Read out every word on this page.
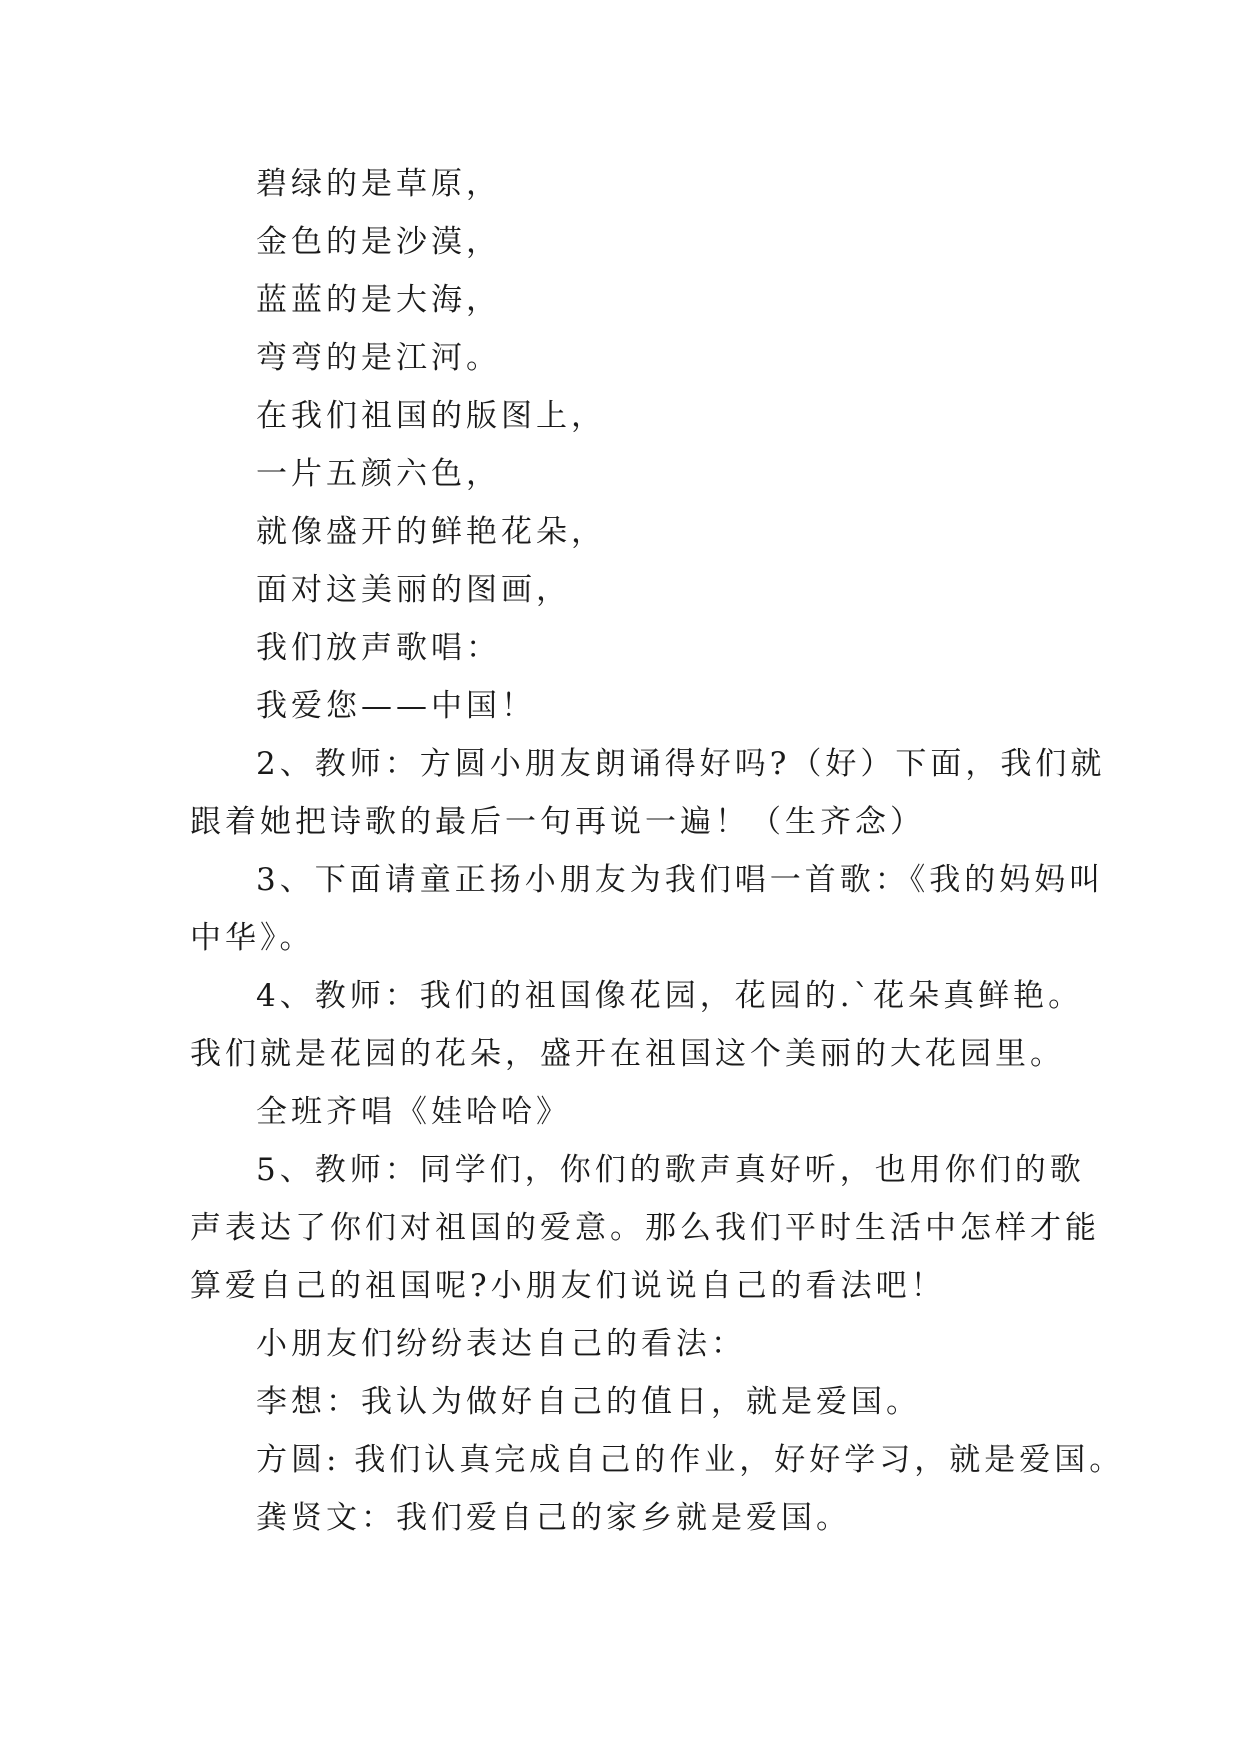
碧绿的是草原，
金色的是沙漠，
蓝蓝的是大海，
弯弯的是江河。
在我们祖国的版图上，
一片五颜六色，
就像盛开的鲜艳花朵，
面对这美丽的图画，
我们放声歌唱：
我爱您——中国！
2、教师：方圆小朋友朗诵得好吗?（好）下面，我们就
跟着她把诗歌的最后一句再说一遍！（生齐念）
3、下面请童正扬小朋友为我们唱一首歌：《我的妈妈叫
中华》。
4、教师：我们的祖国像花园，花园的.`花朵真鲜艳。
我们就是花园的花朵，盛开在祖国这个美丽的大花园里。
全班齐唱《娃哈哈》
5、教师：同学们，你们的歌声真好听，也用你们的歌
声表达了你们对祖国的爱意。那么我们平时生活中怎样才能
算爱自己的祖国呢?小朋友们说说自己的看法吧！
小朋友们纷纷表达自己的看法：
李想：我认为做好自己的值日，就是爱国。
方圆: 我们认真完成自己的作业，好好学习，就是爱国。
龚贤文：我们爱自己的家乡就是爱国。
